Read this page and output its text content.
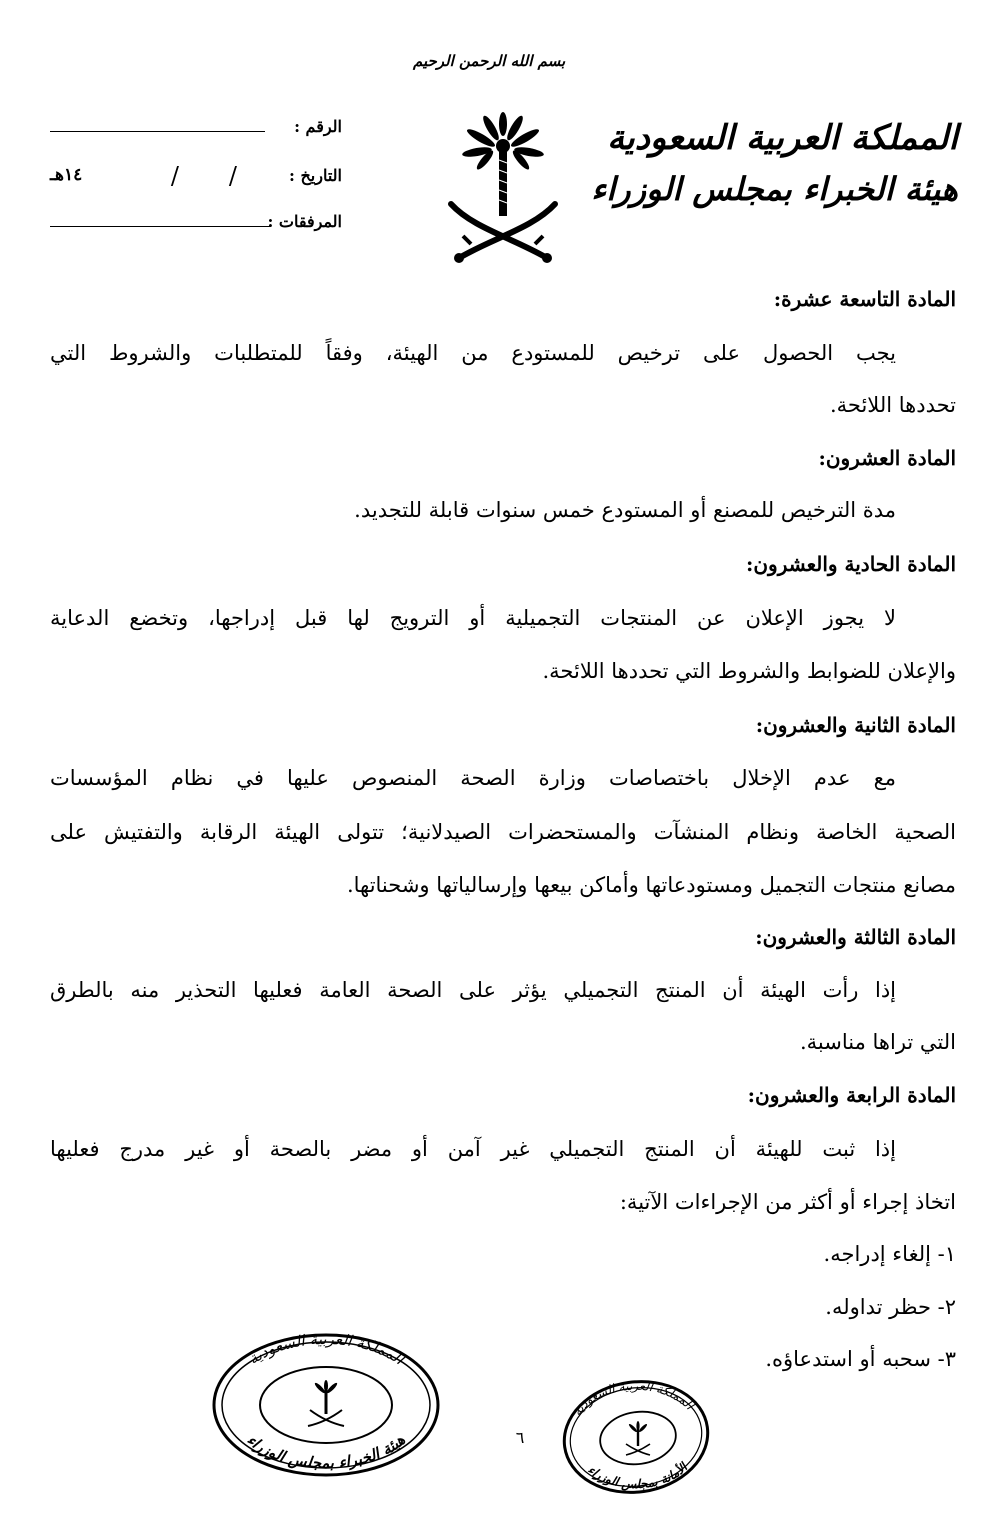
بسم الله الرحمن الرحيم
المملكة العربية السعودية
هيئة الخبراء بمجلس الوزراء
الرقم :
التاريخ :
/
/
١٤هـ
المرفقات :
المادة التاسعة عشرة:
يجب الحصول على ترخيص للمستودع من الهيئة، وفقاً للمتطلبات والشروط التي
تحددها اللائحة.
المادة العشرون:
مدة الترخيص للمصنع أو المستودع خمس سنوات قابلة للتجديد.
المادة الحادية والعشرون:
لا يجوز الإعلان عن المنتجات التجميلية أو الترويج لها قبل إدراجها، وتخضع الدعاية
والإعلان للضوابط والشروط التي تحددها اللائحة.
المادة الثانية والعشرون:
مع عدم الإخلال باختصاصات وزارة الصحة المنصوص عليها في نظام المؤسسات
الصحية الخاصة ونظام المنشآت والمستحضرات الصيدلانية؛ تتولى الهيئة الرقابة والتفتيش على
مصانع منتجات التجميل ومستودعاتها وأماكن بيعها وإرسالياتها وشحناتها.
المادة الثالثة والعشرون:
إذا رأت الهيئة أن المنتج التجميلي يؤثر على الصحة العامة فعليها التحذير منه بالطرق
التي تراها مناسبة.
المادة الرابعة والعشرون:
إذا ثبت للهيئة أن المنتج التجميلي غير آمن أو مضر بالصحة أو غير مدرج فعليها
اتخاذ إجراء أو أكثر من الإجراءات الآتية:
١- إلغاء إدراجه.
٢- حظر تداوله.
٣- سحبه أو استدعاؤه.
٦
المملكة العربية السعودية
هيئة الخبراء بمجلس الوزراء
المملكة العربية السعودية
الأمانة بمجلس الوزراء
